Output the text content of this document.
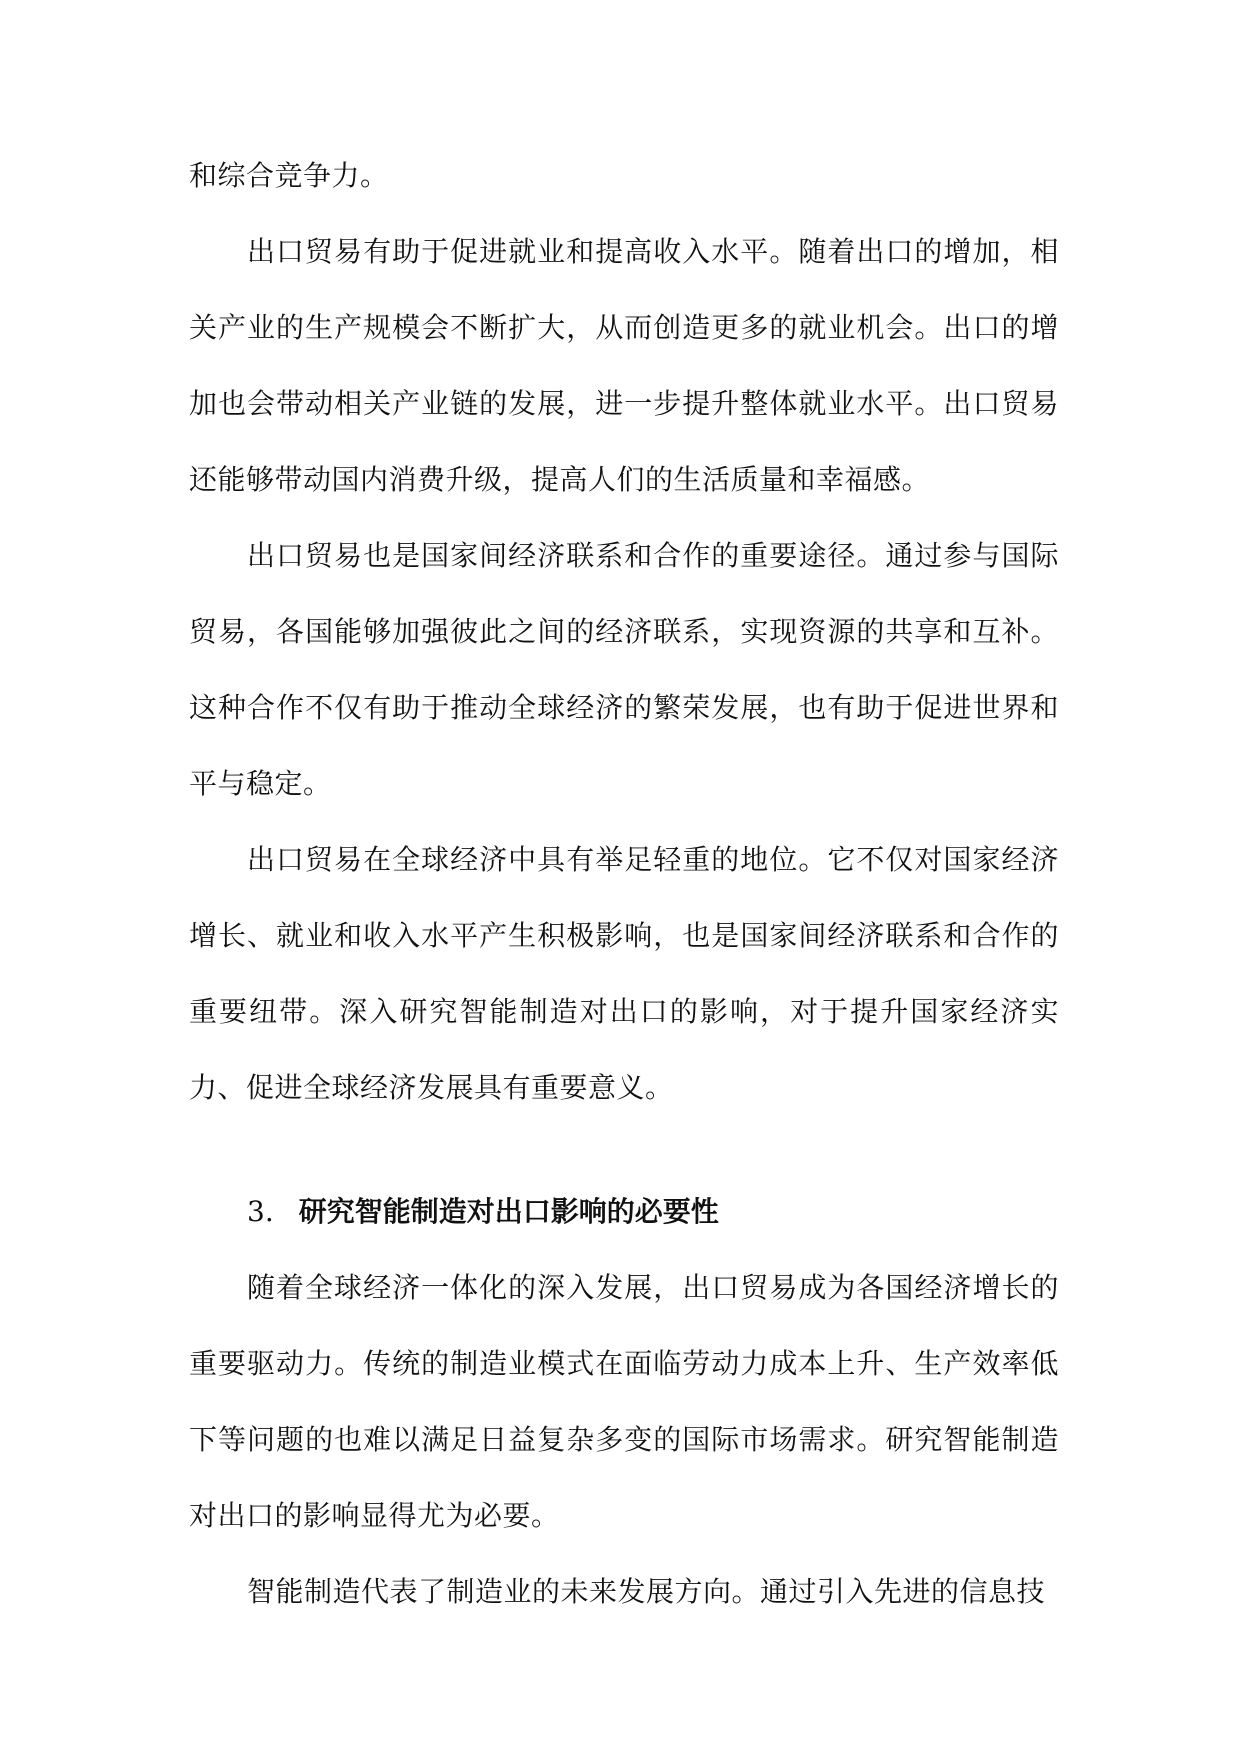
和综合竞争力。

出口贸易有助于促进就业和提高收入水平。随着出口的增加，相关产业的生产规模会不断扩大，从而创造更多的就业机会。出口的增加也会带动相关产业链的发展，进一步提升整体就业水平。出口贸易还能够带动国内消费升级，提高人们的生活质量和幸福感。

出口贸易也是国家间经济联系和合作的重要途径。通过参与国际贸易，各国能够加强彼此之间的经济联系，实现资源的共享和互补。这种合作不仅有助于推动全球经济的繁荣发展，也有助于促进世界和平与稳定。

出口贸易在全球经济中具有举足轻重的地位。它不仅对国家经济增长、就业和收入水平产生积极影响，也是国家间经济联系和合作的重要纽带。深入研究智能制造对出口的影响，对于提升国家经济实力、促进全球经济发展具有重要意义。

3. 研究智能制造对出口影响的必要性

随着全球经济一体化的深入发展，出口贸易成为各国经济增长的重要驱动力。传统的制造业模式在面临劳动力成本上升、生产效率低下等问题的也难以满足日益复杂多变的国际市场需求。研究智能制造对出口的影响显得尤为必要。

智能制造代表了制造业的未来发展方向。通过引入先进的信息技
